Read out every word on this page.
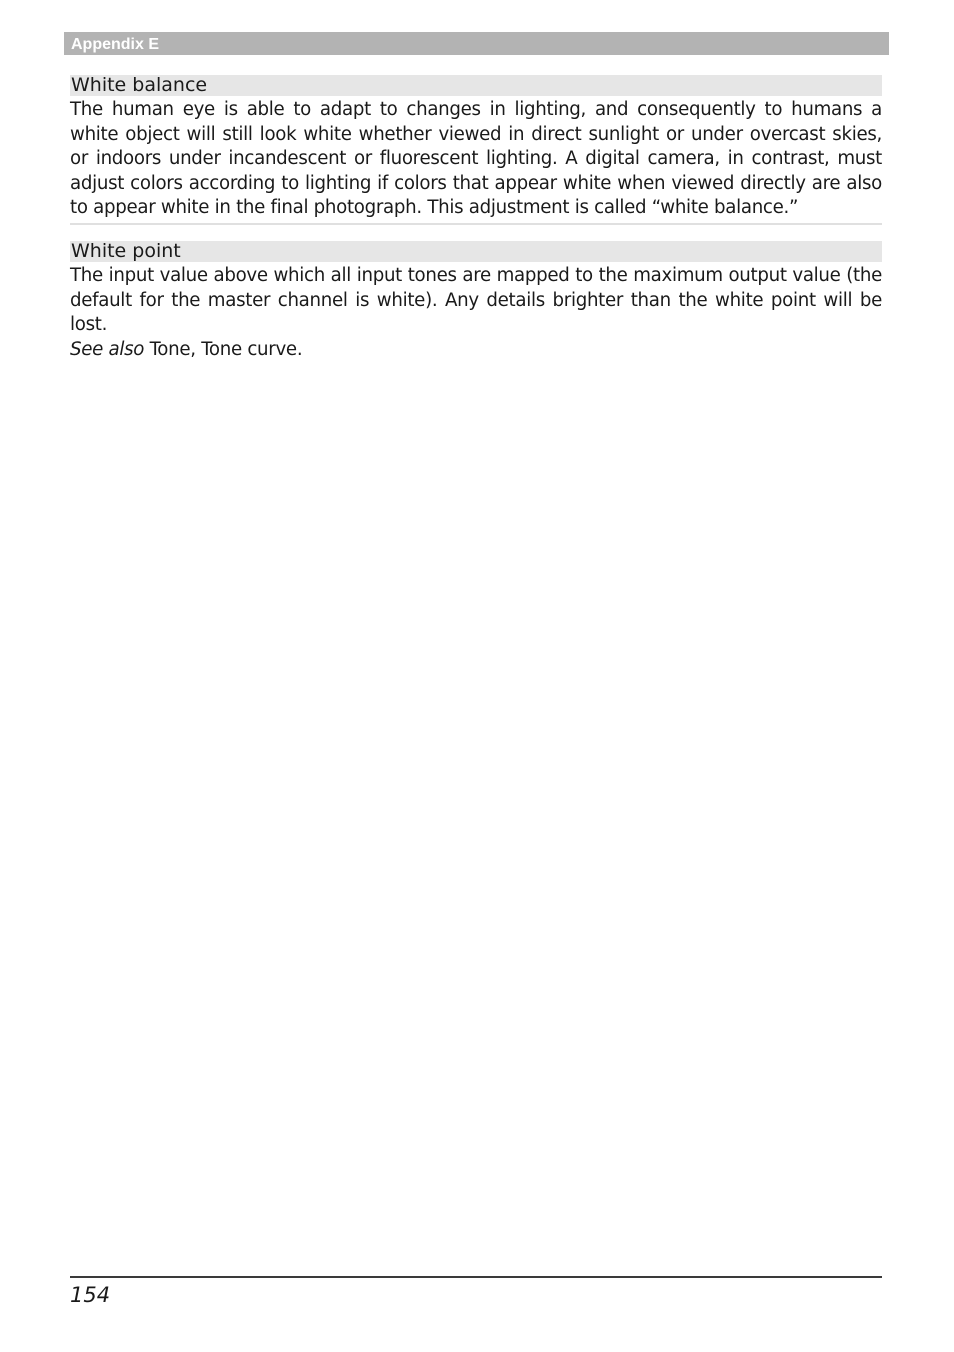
Appendix E
White balance

The human eye is able to adapt to changes in lighting, and consequently to humans a white object will still look white whether viewed in direct sunlight or under overcast skies, or indoors under incandescent or fluorescent lighting. A digital camera, in contrast, must adjust colors according to lighting if colors that appear white when viewed directly are also to appear white in the final photograph. This adjustment is called “white balance.”

White point

The input value above which all input tones are mapped to the maximum output value (the default for the master channel is white). Any details brighter than the white point will be lost.

See also Tone, Tone curve.

154
